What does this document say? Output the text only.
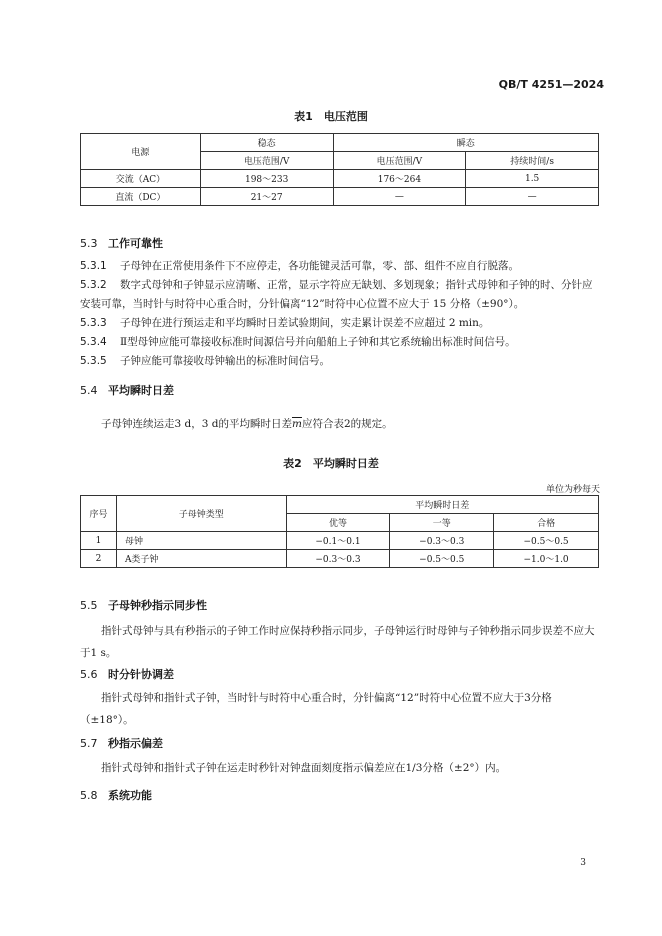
QB/T 4251—2024
表1　电压范围
电源	稳态	瞬态	
	电压范围/V	电压范围/V	持续时间/s
交流（AC）	198～233	176～264	1.5
直流（DC）	21～27	—	—
5.3 工作可靠性
5.3.1 子母钟在正常使用条件下不应停走，各功能键灵活可靠，零、部、组件不应自行脱落。
5.3.2 数字式母钟和子钟显示应清晰、正常，显示字符应无缺划、多划现象；指针式母钟和子钟的时、分针应安装可靠，当时针与时符中心重合时，分针偏离“12”时符中心位置不应大于 15 分格（±90°）。
5.3.3 子母钟在进行预运走和平均瞬时日差试验期间，实走累计误差不应超过 2 min。
5.3.4 Ⅱ型母钟应能可靠接收标准时间源信号并向船舶上子钟和其它系统输出标准时间信号。
5.3.5 子钟应能可靠接收母钟输出的标准时间信号。
5.4 平均瞬时日差
子母钟连续运走3 d，3 d的平均瞬时日差$\overline{m}$应符合表2的规定。
表2　平均瞬时日差
单位为秒每天
序号	子母钟类型	平均瞬时日差		
		优等	一等	合格
1	母钟	−0.1～0.1	−0.3～0.3	−0.5～0.5
2	A类子钟	−0.3～0.3	−0.5～0.5	−1.0～1.0
5.5 子母钟秒指示同步性
指针式母钟与具有秒指示的子钟工作时应保持秒指示同步，子母钟运行时母钟与子钟秒指示同步误差不应大于1 s。
5.6 时分针协调差
指针式母钟和指针式子钟，当时针与时符中心重合时，分针偏离“12”时符中心位置不应大于3分格（±18°）。
5.7 秒指示偏差
指针式母钟和指针式子钟在运走时秒针对钟盘面刻度指示偏差应在1/3分格（±2°）内。
5.8 系统功能
3
